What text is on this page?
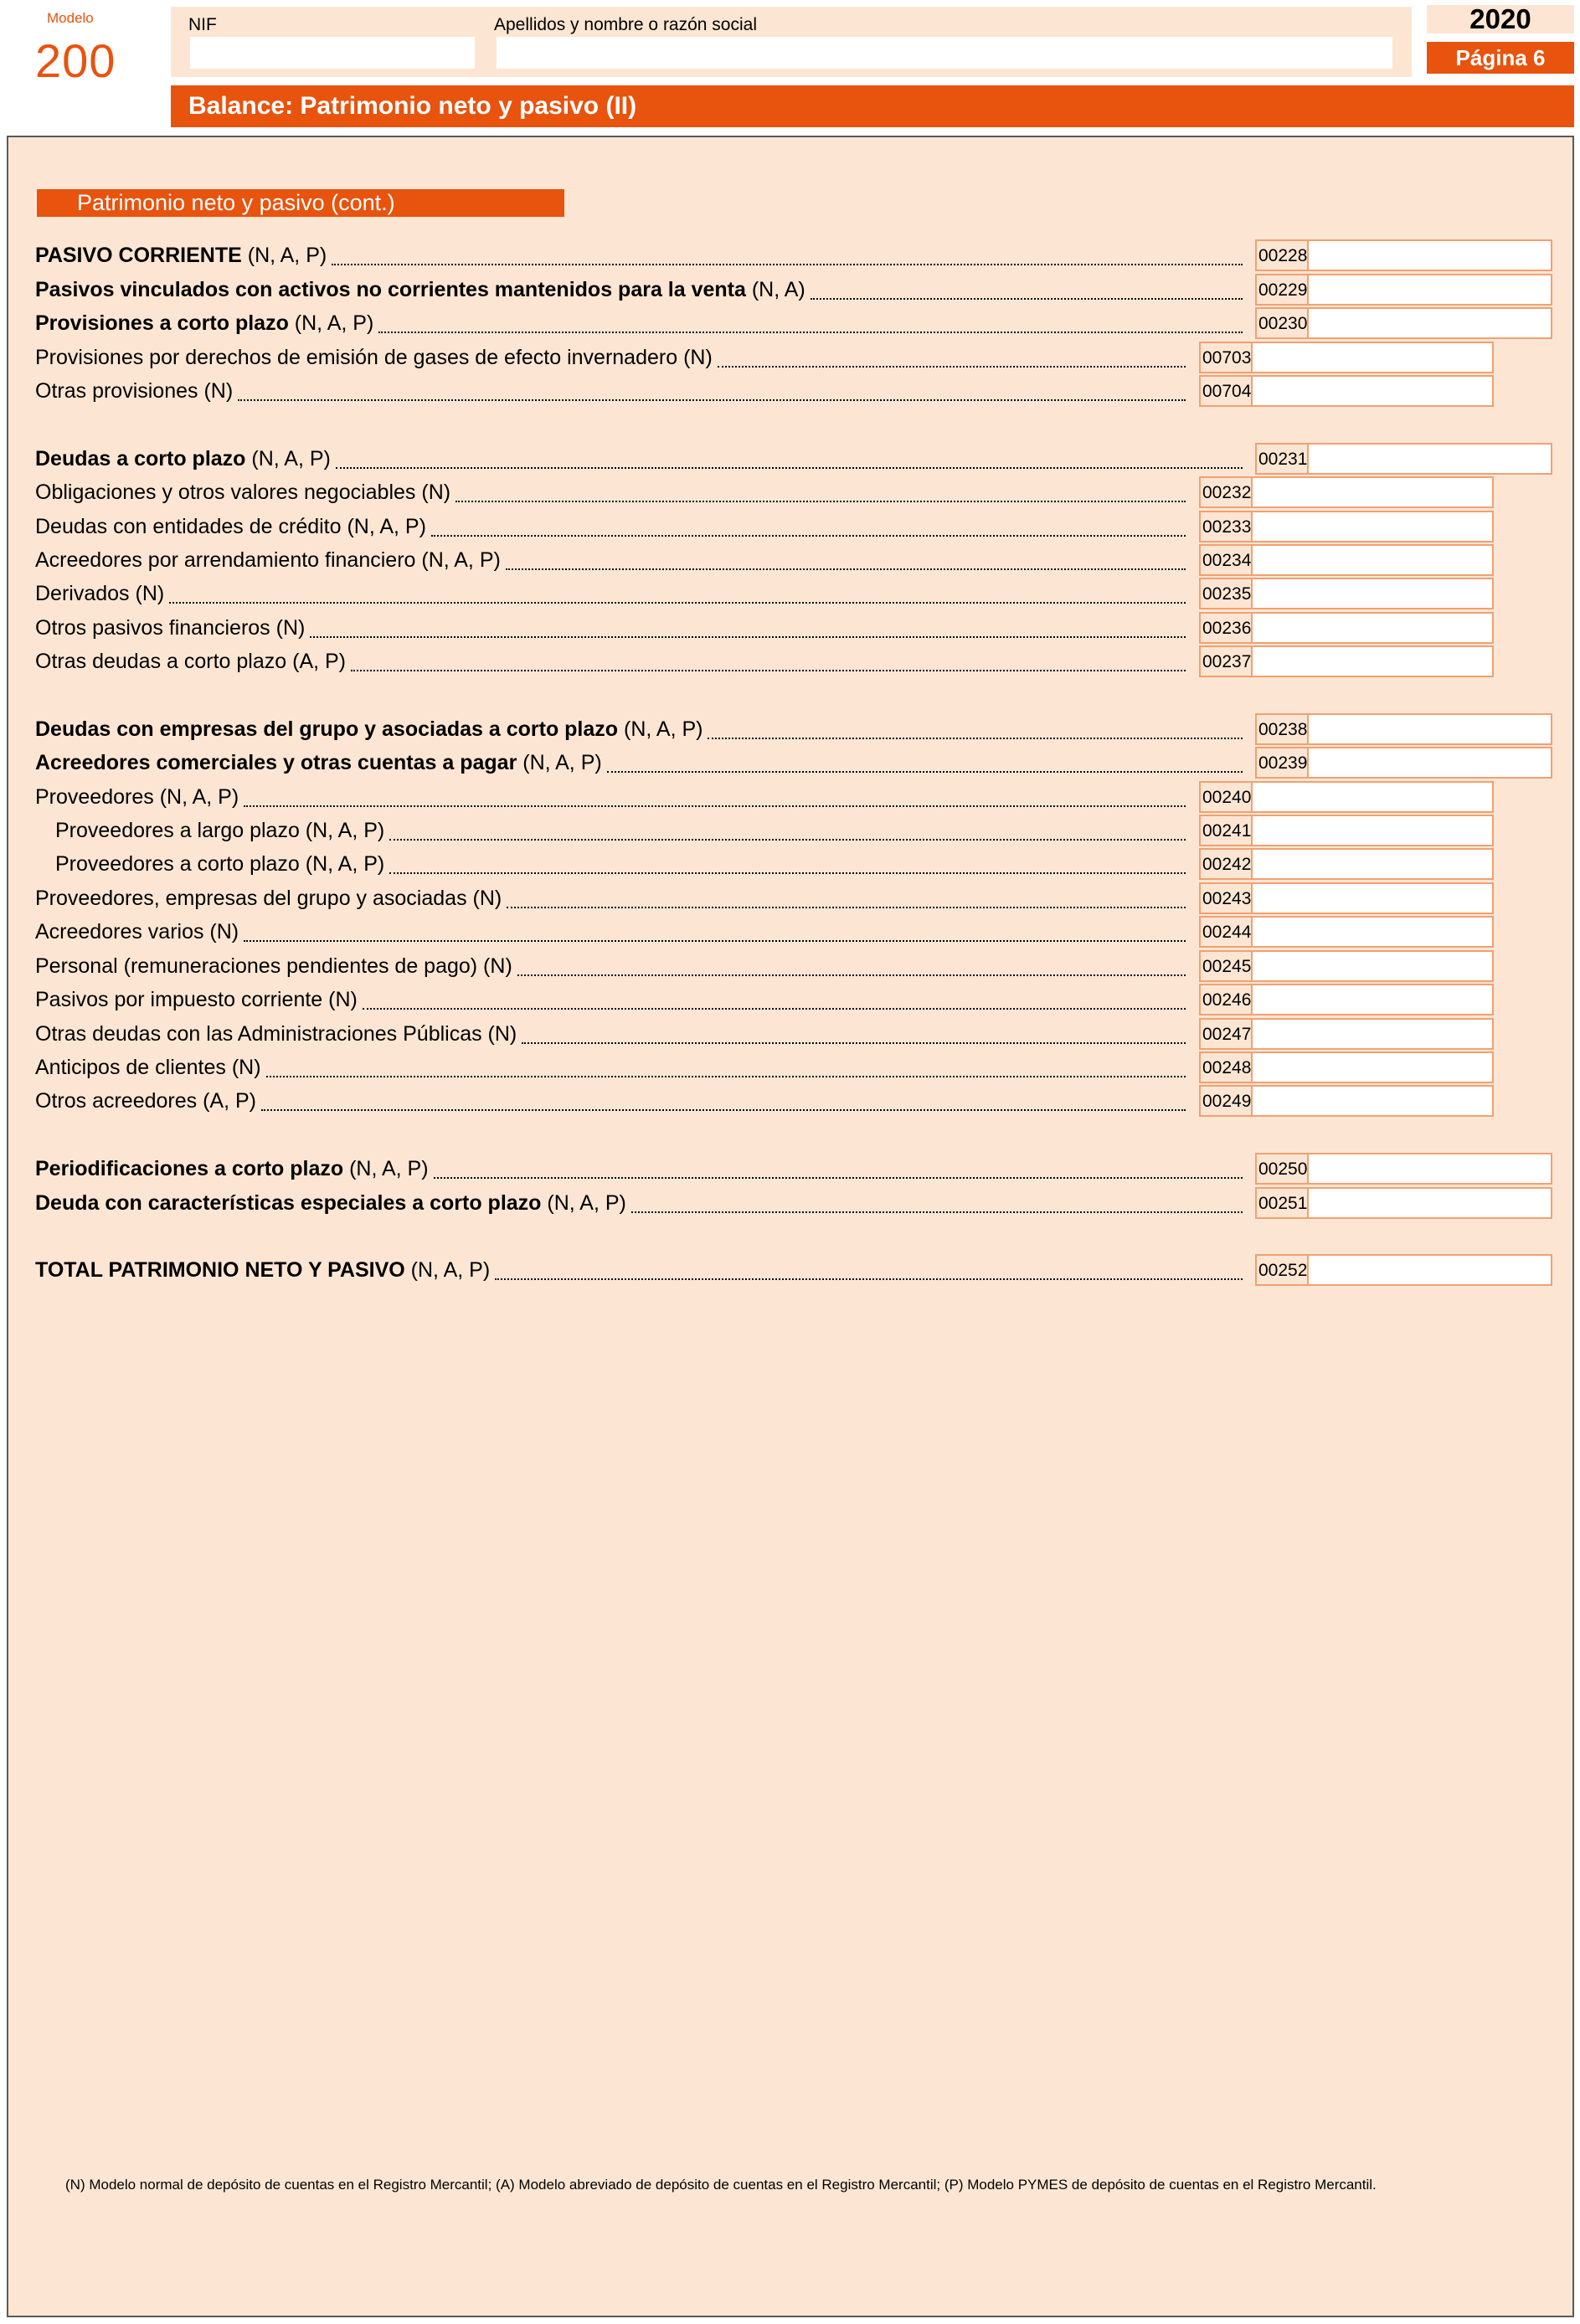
Modelo
200
NIF	Apellidos y nombre o razón social	2020
Página 6
Balance: Patrimonio neto y pasivo (II)
Patrimonio neto y pasivo (cont.)
PASIVO CORRIENTE (N, A, P)	00228
Pasivos vinculados con activos no corrientes mantenidos para la venta (N, A)	00229
Provisiones a corto plazo (N, A, P)	00230
Provisiones por derechos de emisión de gases de efecto invernadero (N)	00703
Otras provisiones (N)	00704
Deudas a corto plazo (N, A, P)	00231
Obligaciones y otros valores negociables (N)	00232
Deudas con entidades de crédito (N, A, P)	00233
Acreedores por arrendamiento financiero (N, A, P)	00234
Derivados (N)	00235
Otros pasivos financieros (N)	00236
Otras deudas a corto plazo (A, P)	00237
Deudas con empresas del grupo y asociadas a corto plazo (N, A, P)	00238
Acreedores comerciales y otras cuentas a pagar (N, A, P)	00239
Proveedores (N, A, P)	00240
Proveedores a largo plazo (N, A, P)	00241
Proveedores a corto plazo (N, A, P)	00242
Proveedores, empresas del grupo y asociadas (N)	00243
Acreedores varios (N)	00244
Personal (remuneraciones pendientes de pago) (N)	00245
Pasivos por impuesto corriente (N)	00246
Otras deudas con las Administraciones Públicas (N)	00247
Anticipos de clientes (N)	00248
Otros acreedores (A, P)	00249
Periodificaciones a corto plazo (N, A, P)	00250
Deuda con características especiales a corto plazo (N, A, P)	00251
TOTAL PATRIMONIO NETO Y PASIVO (N, A, P)	00252
(N) Modelo normal de depósito de cuentas en el Registro Mercantil; (A) Modelo abreviado de depósito de cuentas en el Registro Mercantil; (P) Modelo PYMES de depósito de cuentas en el Registro Mercantil.
